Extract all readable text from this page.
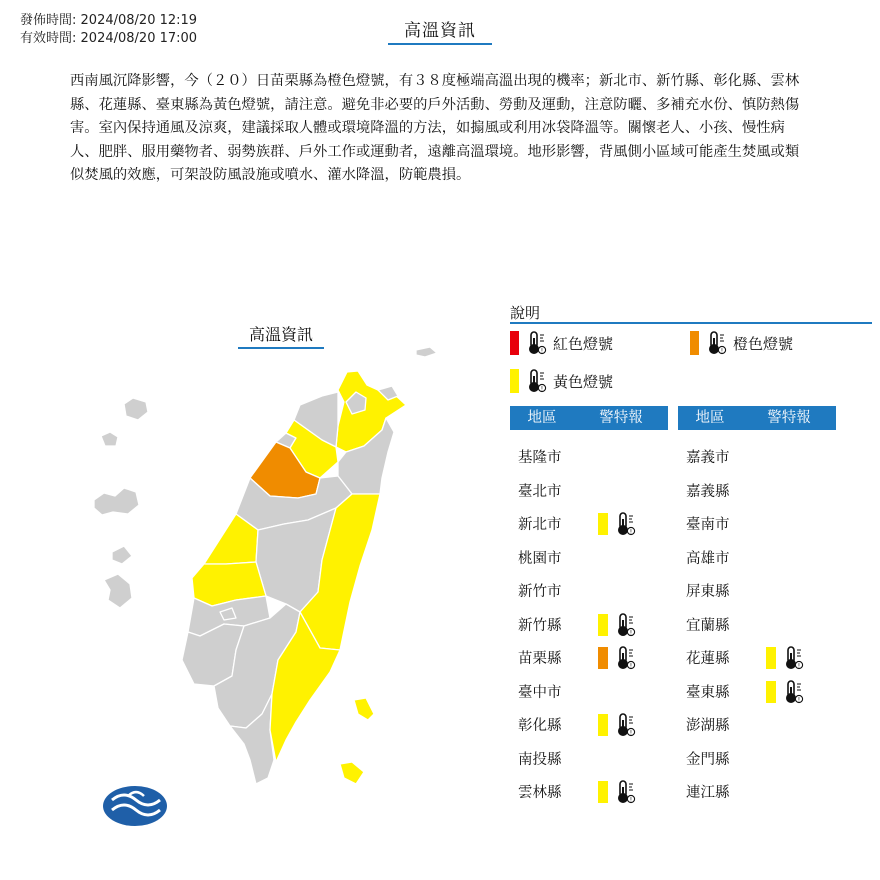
發佈時間: 2024/08/20 12:19
有效時間: 2024/08/20 17:00	高溫資訊
西南風沉降影響，今（２０）日苗栗縣為橙色燈號，有３８度極端高溫出現的機率；新北市、新竹縣、彰化縣、雲林縣、花蓮縣、臺東縣為黃色燈號，請注意。避免非必要的戶外活動、勞動及運動，注意防曬、多補充水份、慎防熱傷害。室內保持通風及涼爽，建議採取人體或環境降溫的方法，如搧風或利用冰袋降溫等。關懷老人、小孩、慢性病人、肥胖、服用藥物者、弱勢族群、戶外工作或運動者，遠離高溫環境。地形影響，背風側小區域可能產生焚風或類似焚風的效應，可架設防風設施或噴水、灌水降溫，防範農損。
高溫資訊
說明
! 紅色燈號	! 橙色燈號
! 黃色燈號
地區	警特報	地區	警特報
基隆市
臺北市
新北市	!
桃園市
新竹市
新竹縣	!
苗栗縣	!
臺中市
彰化縣	!
南投縣
雲林縣	!
嘉義市
嘉義縣
臺南市
高雄市
屏東縣
宜蘭縣
花蓮縣	!
臺東縣	!
澎湖縣
金門縣
連江縣
